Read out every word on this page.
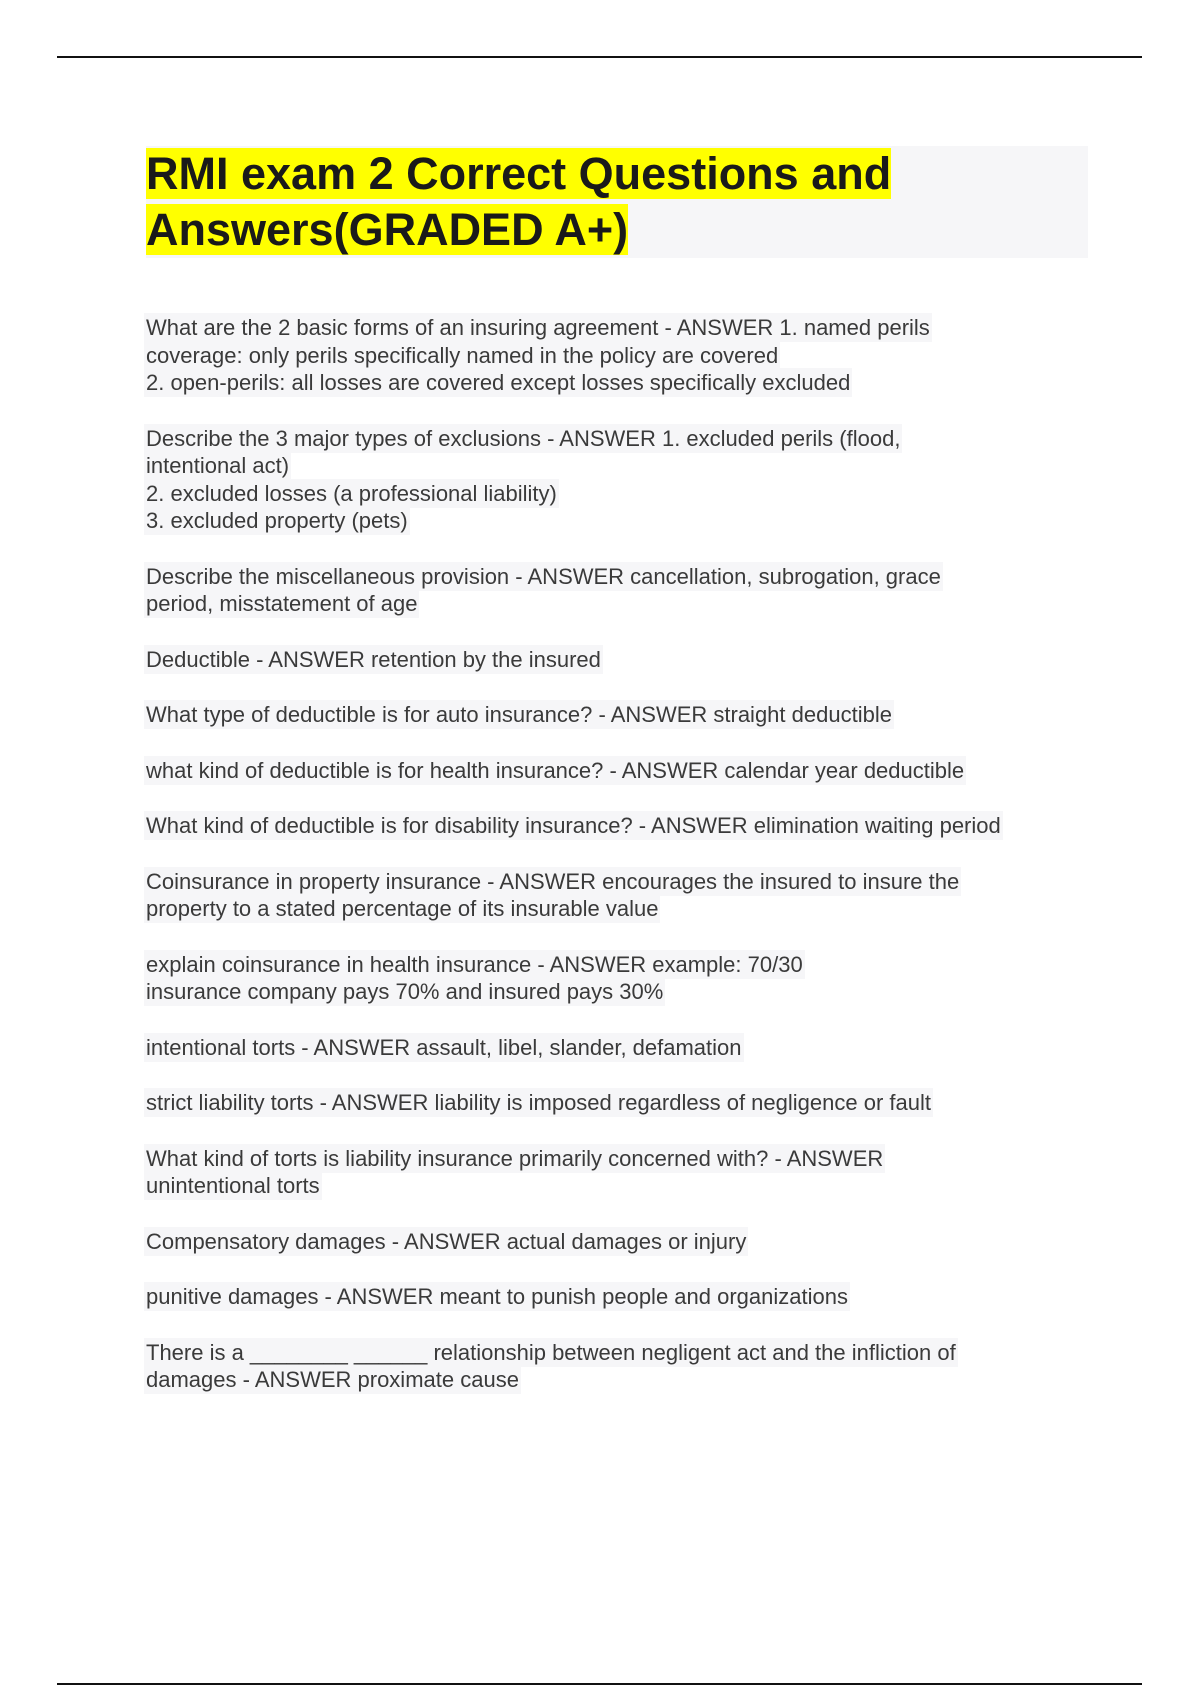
RMI exam 2 Correct Questions and

Answers(GRADED A+)

What are the 2 basic forms of an insuring agreement - ANSWER 1. named perils
coverage: only perils specifically named in the policy are covered
2. open-perils: all losses are covered except losses specifically excluded
Describe the 3 major types of exclusions - ANSWER 1. excluded perils (flood,
intentional act)
2. excluded losses (a professional liability)
3. excluded property (pets)
Describe the miscellaneous provision - ANSWER cancellation, subrogation, grace
period, misstatement of age
Deductible - ANSWER retention by the insured
What type of deductible is for auto insurance? - ANSWER straight deductible
what kind of deductible is for health insurance? - ANSWER calendar year deductible
What kind of deductible is for disability insurance? - ANSWER elimination waiting period
Coinsurance in property insurance - ANSWER encourages the insured to insure the
property to a stated percentage of its insurable value
explain coinsurance in health insurance - ANSWER example: 70/30
insurance company pays 70% and insured pays 30%
intentional torts - ANSWER assault, libel, slander, defamation
strict liability torts - ANSWER liability is imposed regardless of negligence or fault
What kind of torts is liability insurance primarily concerned with? - ANSWER
unintentional torts
Compensatory damages - ANSWER actual damages or injury
punitive damages - ANSWER meant to punish people and organizations
There is a ________ ______ relationship between negligent act and the infliction of
damages - ANSWER proximate cause
